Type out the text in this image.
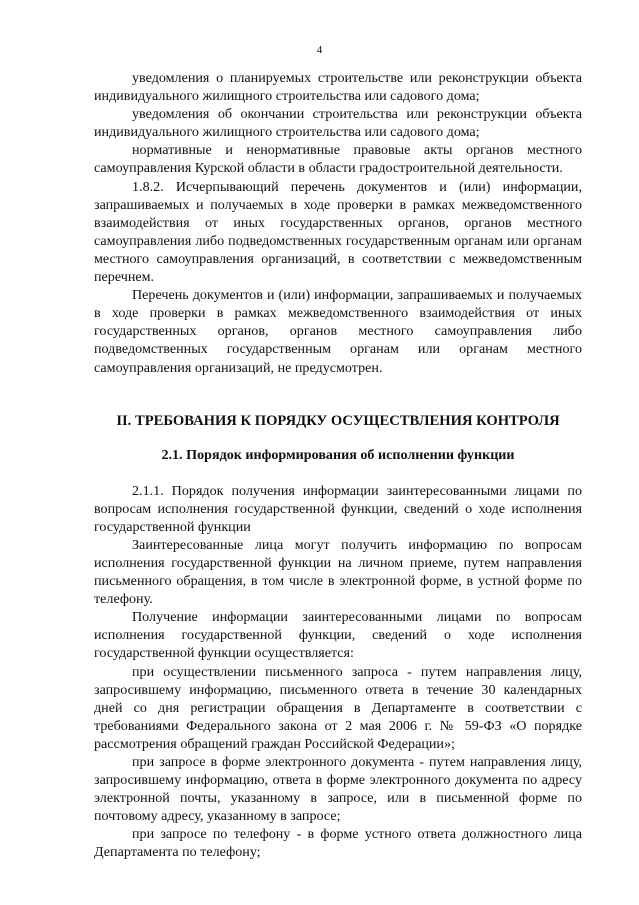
4

уведомления о планируемых строительстве или реконструкции объекта индивидуального жилищного строительства или садового дома;

уведомления об окончании строительства или реконструкции объекта индивидуального жилищного строительства или садового дома;

нормативные и ненормативные правовые акты органов местного самоуправления Курской области в области градостроительной деятельности.

1.8.2. Исчерпывающий перечень документов и (или) информации, запрашиваемых и получаемых в ходе проверки в рамках межведомственного взаимодействия от иных государственных органов, органов местного самоуправления либо подведомственных государственным органам или органам местного самоуправления организаций, в соответствии с межведомственным перечнем.

Перечень документов и (или) информации, запрашиваемых и получаемых в ходе проверки в рамках межведомственного взаимодействия от иных государственных органов, органов местного самоуправления либо подведомственных государственным органам или органам местного самоуправления организаций, не предусмотрен.

II. ТРЕБОВАНИЯ К ПОРЯДКУ ОСУЩЕСТВЛЕНИЯ КОНТРОЛЯ
2.1. Порядок информирования об исполнении функции

2.1.1. Порядок получения информации заинтересованными лицами по вопросам исполнения государственной функции, сведений о ходе исполнения государственной функции

Заинтересованные лица могут получить информацию по вопросам исполнения государственной функции на личном приеме, путем направления письменного обращения, в том числе в электронной форме, в устной форме по телефону.

Получение информации заинтересованными лицами по вопросам исполнения государственной функции, сведений о ходе исполнения государственной функции осуществляется:

при осуществлении письменного запроса - путем направления лицу, запросившему информацию, письменного ответа в течение 30 календарных дней со дня регистрации обращения в Департаменте в соответствии с требованиями Федерального закона от 2 мая 2006 г. № 59-ФЗ «О порядке рассмотрения обращений граждан Российской Федерации»;

при запросе в форме электронного документа - путем направления лицу, запросившему информацию, ответа в форме электронного документа по адресу электронной почты, указанному в запросе, или в письменной форме по почтовому адресу, указанному в запросе;

при запросе по телефону - в форме устного ответа должностного лица Департамента по телефону;
